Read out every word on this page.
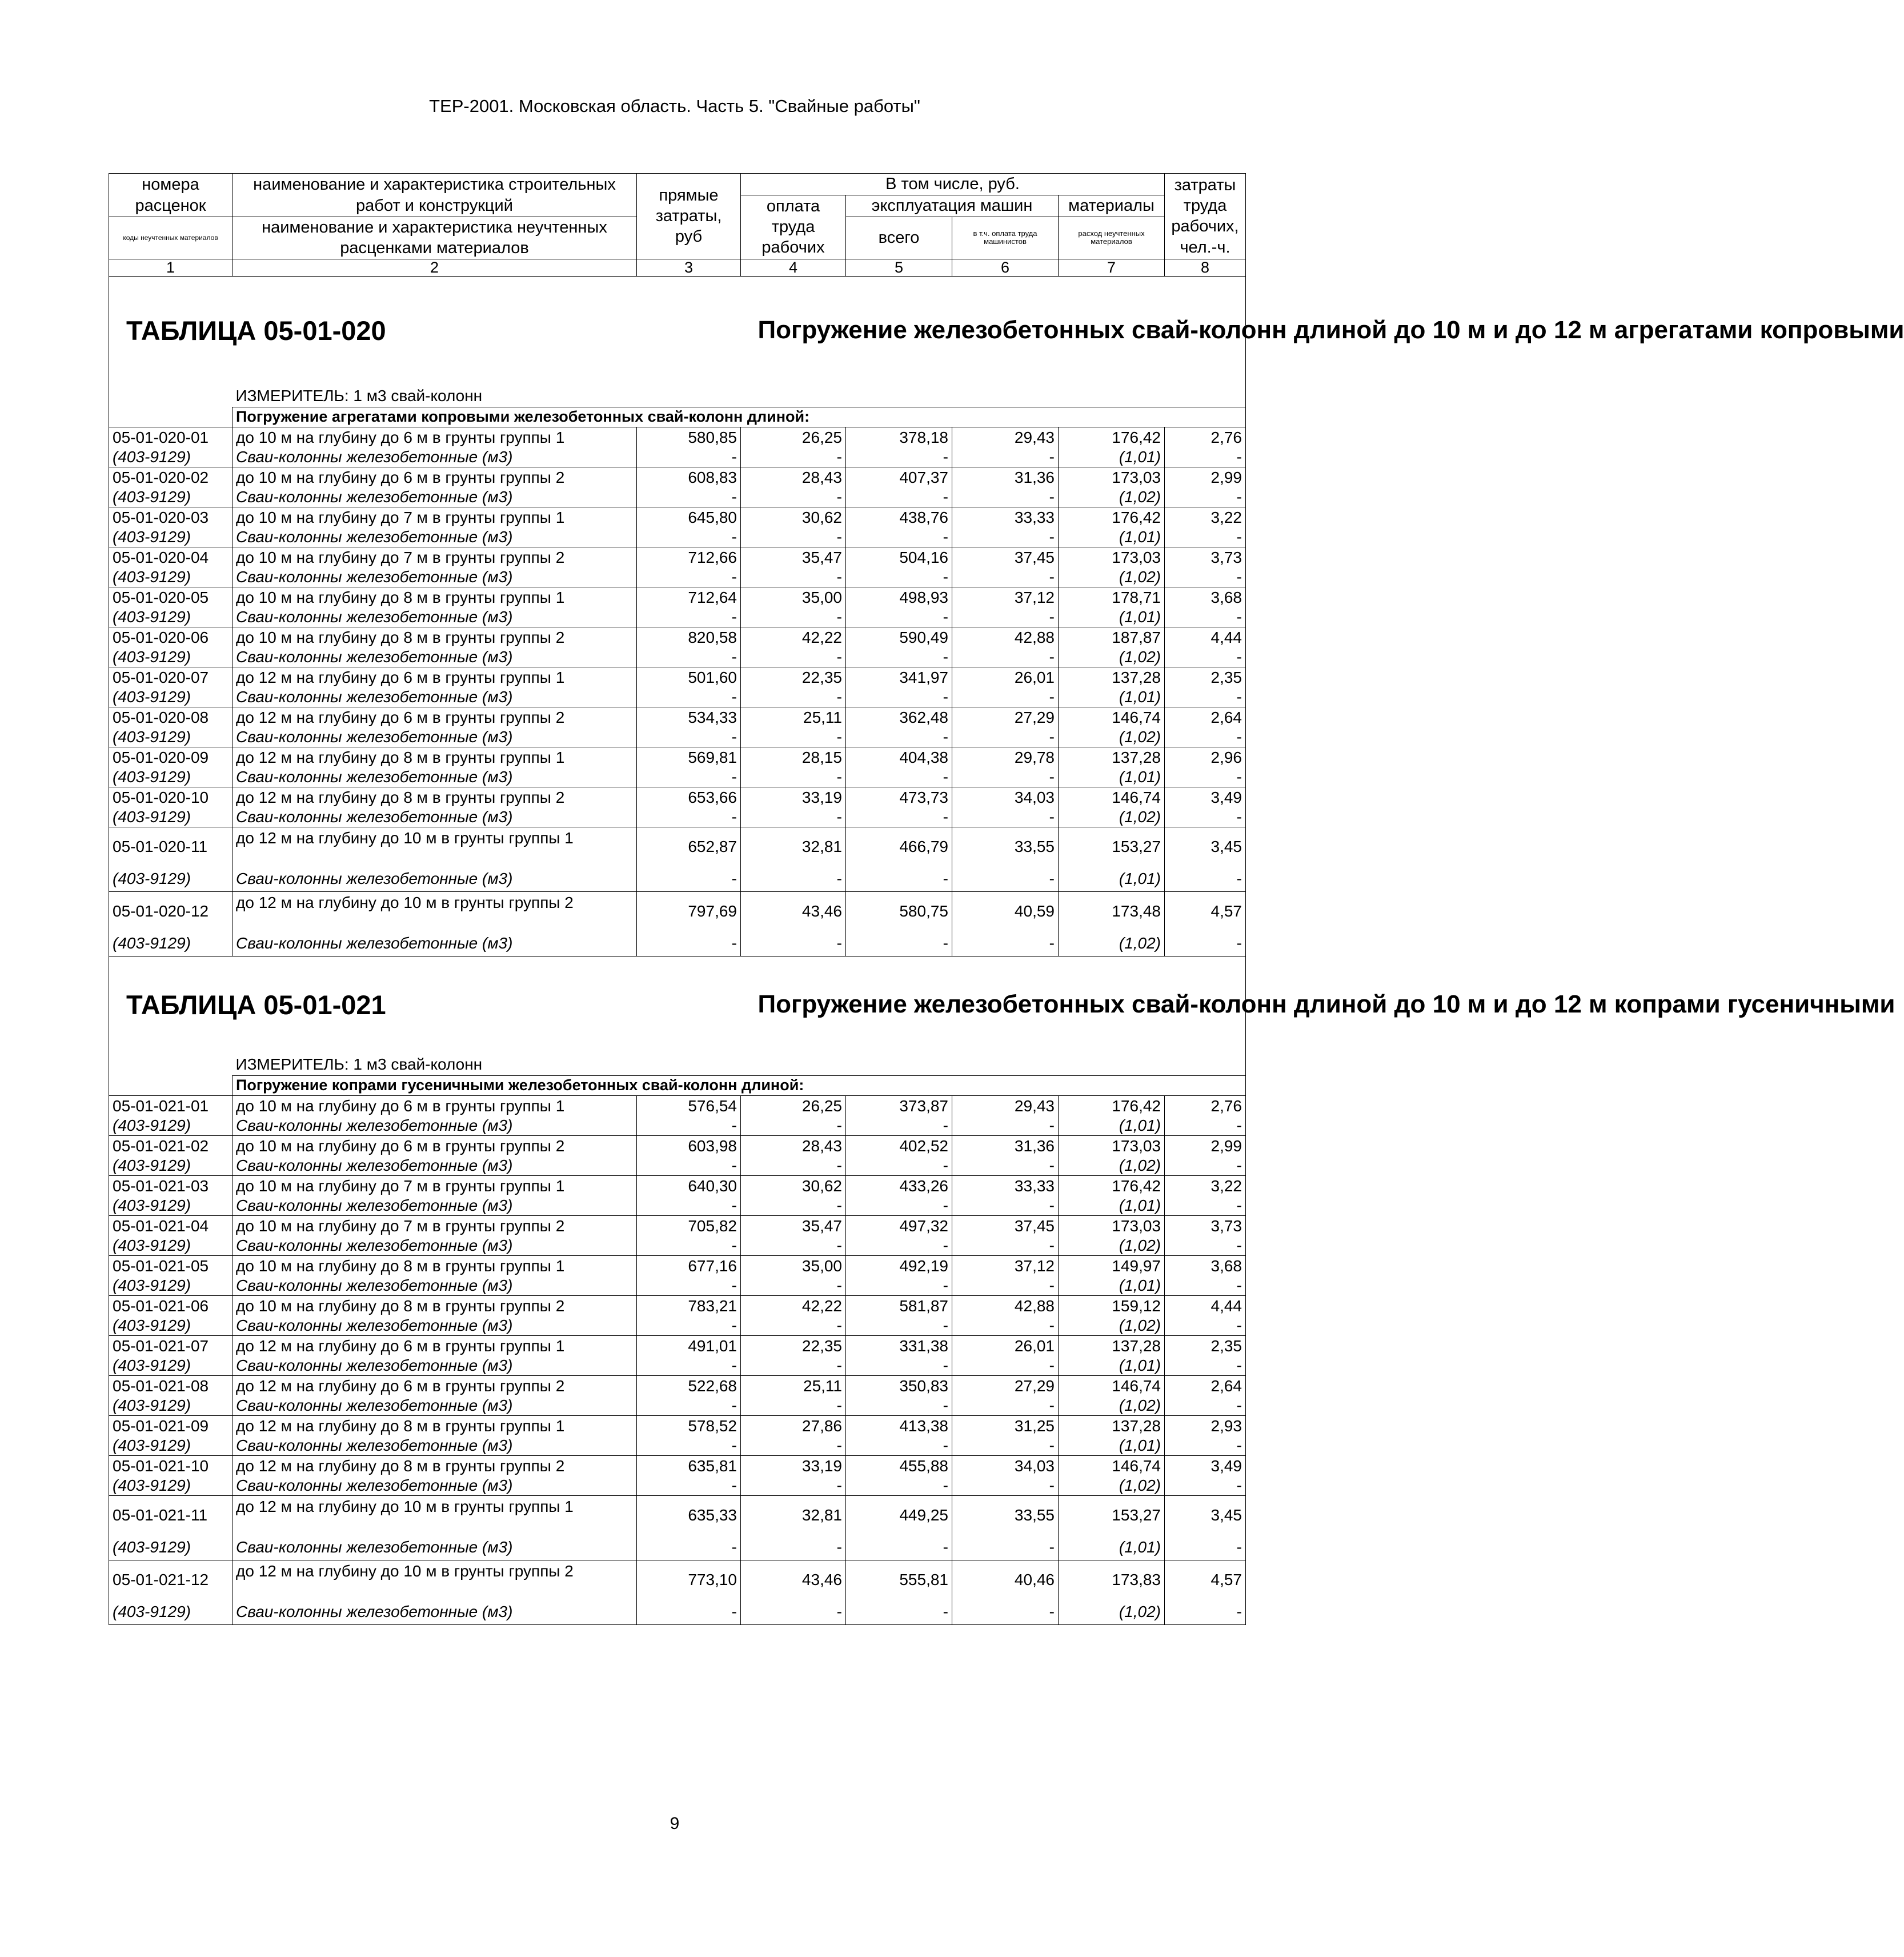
ТЕР-2001. Московская область. Часть 5. "Свайные работы"
номера расценок	наименование и характеристика строительных работ и конструкций	прямые затраты, руб	В том числе, руб.				затраты труда рабочих, чел.-ч.
			оплата труда рабочих	эксплуатация машин		материалы	
коды неучтенных материалов	наименование и характеристика неучтенных расценками материалов			всего	в т.ч. оплата труда машинистов	расход неучтенных материалов	

1	2	3	4	5	6	7	8
ТАБЛИЦА 05-01-020			Погружение железобетонных свай-колонн длиной до 10 м и до 12 м агрегатами копровыми				
	ИЗМЕРИТЕЛЬ: 1 м3 свай-колонн						
	Погружение агрегатами копровыми железобетонных свай-колонн длиной:						
05-01-020-01	до 10 м на глубину до 6 м в грунты группы 1	580,85	26,25	378,18	29,43	176,42	2,76
(403-9129)	Сваи-колонны железобетонные (м3)	-	-	-	-	(1,01)	-
05-01-020-02	до 10 м на глубину до 6 м в грунты группы 2	608,83	28,43	407,37	31,36	173,03	2,99
(403-9129)	Сваи-колонны железобетонные (м3)	-	-	-	-	(1,02)	-
05-01-020-03	до 10 м на глубину до 7 м в грунты группы 1	645,80	30,62	438,76	33,33	176,42	3,22
(403-9129)	Сваи-колонны железобетонные (м3)	-	-	-	-	(1,01)	-
05-01-020-04	до 10 м на глубину до 7 м в грунты группы 2	712,66	35,47	504,16	37,45	173,03	3,73
(403-9129)	Сваи-колонны железобетонные (м3)	-	-	-	-	(1,02)	-
05-01-020-05	до 10 м на глубину до 8 м в грунты группы 1	712,64	35,00	498,93	37,12	178,71	3,68
(403-9129)	Сваи-колонны железобетонные (м3)	-	-	-	-	(1,01)	-
05-01-020-06	до 10 м на глубину до 8 м в грунты группы 2	820,58	42,22	590,49	42,88	187,87	4,44
(403-9129)	Сваи-колонны железобетонные (м3)	-	-	-	-	(1,02)	-
05-01-020-07	до 12 м на глубину до 6 м в грунты группы 1	501,60	22,35	341,97	26,01	137,28	2,35
(403-9129)	Сваи-колонны железобетонные (м3)	-	-	-	-	(1,01)	-
05-01-020-08	до 12 м на глубину до 6 м в грунты группы 2	534,33	25,11	362,48	27,29	146,74	2,64
(403-9129)	Сваи-колонны железобетонные (м3)	-	-	-	-	(1,02)	-
05-01-020-09	до 12 м на глубину до 8 м в грунты группы 1	569,81	28,15	404,38	29,78	137,28	2,96
(403-9129)	Сваи-колонны железобетонные (м3)	-	-	-	-	(1,01)	-
05-01-020-10	до 12 м на глубину до 8 м в грунты группы 2	653,66	33,19	473,73	34,03	146,74	3,49
(403-9129)	Сваи-колонны железобетонные (м3)	-	-	-	-	(1,02)	-
05-01-020-11	до 12 м на глубину до 10 м в грунты группы 1	652,87	32,81	466,79	33,55	153,27	3,45
(403-9129)	Сваи-колонны железобетонные (м3)	-	-	-	-	(1,01)	-
05-01-020-12	до 12 м на глубину до 10 м в грунты группы 2	797,69	43,46	580,75	40,59	173,48	4,57
(403-9129)	Сваи-колонны железобетонные (м3)	-	-	-	-	(1,02)	-
ТАБЛИЦА 05-01-021			Погружение железобетонных свай-колонн длиной до 10 м и до 12 м копрами гусеничными				
	ИЗМЕРИТЕЛЬ: 1 м3 свай-колонн						
	Погружение копрами гусеничными железобетонных свай-колонн длиной:						
05-01-021-01	до 10 м на глубину до 6 м в грунты группы 1	576,54	26,25	373,87	29,43	176,42	2,76
(403-9129)	Сваи-колонны железобетонные (м3)	-	-	-	-	(1,01)	-
05-01-021-02	до 10 м на глубину до 6 м в грунты группы 2	603,98	28,43	402,52	31,36	173,03	2,99
(403-9129)	Сваи-колонны железобетонные (м3)	-	-	-	-	(1,02)	-
05-01-021-03	до 10 м на глубину до 7 м в грунты группы 1	640,30	30,62	433,26	33,33	176,42	3,22
(403-9129)	Сваи-колонны железобетонные (м3)	-	-	-	-	(1,01)	-
05-01-021-04	до 10 м на глубину до 7 м в грунты группы 2	705,82	35,47	497,32	37,45	173,03	3,73
(403-9129)	Сваи-колонны железобетонные (м3)	-	-	-	-	(1,02)	-
05-01-021-05	до 10 м на глубину до 8 м в грунты группы 1	677,16	35,00	492,19	37,12	149,97	3,68
(403-9129)	Сваи-колонны железобетонные (м3)	-	-	-	-	(1,01)	-
05-01-021-06	до 10 м на глубину до 8 м в грунты группы 2	783,21	42,22	581,87	42,88	159,12	4,44
(403-9129)	Сваи-колонны железобетонные (м3)	-	-	-	-	(1,02)	-
05-01-021-07	до 12 м на глубину до 6 м в грунты группы 1	491,01	22,35	331,38	26,01	137,28	2,35
(403-9129)	Сваи-колонны железобетонные (м3)	-	-	-	-	(1,01)	-
05-01-021-08	до 12 м на глубину до 6 м в грунты группы 2	522,68	25,11	350,83	27,29	146,74	2,64
(403-9129)	Сваи-колонны железобетонные (м3)	-	-	-	-	(1,02)	-
05-01-021-09	до 12 м на глубину до 8 м в грунты группы 1	578,52	27,86	413,38	31,25	137,28	2,93
(403-9129)	Сваи-колонны железобетонные (м3)	-	-	-	-	(1,01)	-
05-01-021-10	до 12 м на глубину до 8 м в грунты группы 2	635,81	33,19	455,88	34,03	146,74	3,49
(403-9129)	Сваи-колонны железобетонные (м3)	-	-	-	-	(1,02)	-
05-01-021-11	до 12 м на глубину до 10 м в грунты группы 1	635,33	32,81	449,25	33,55	153,27	3,45
(403-9129)	Сваи-колонны железобетонные (м3)	-	-	-	-	(1,01)	-
05-01-021-12	до 12 м на глубину до 10 м в грунты группы 2	773,10	43,46	555,81	40,46	173,83	4,57
(403-9129)	Сваи-колонны железобетонные (м3)	-	-	-	-	(1,02)	-
9
